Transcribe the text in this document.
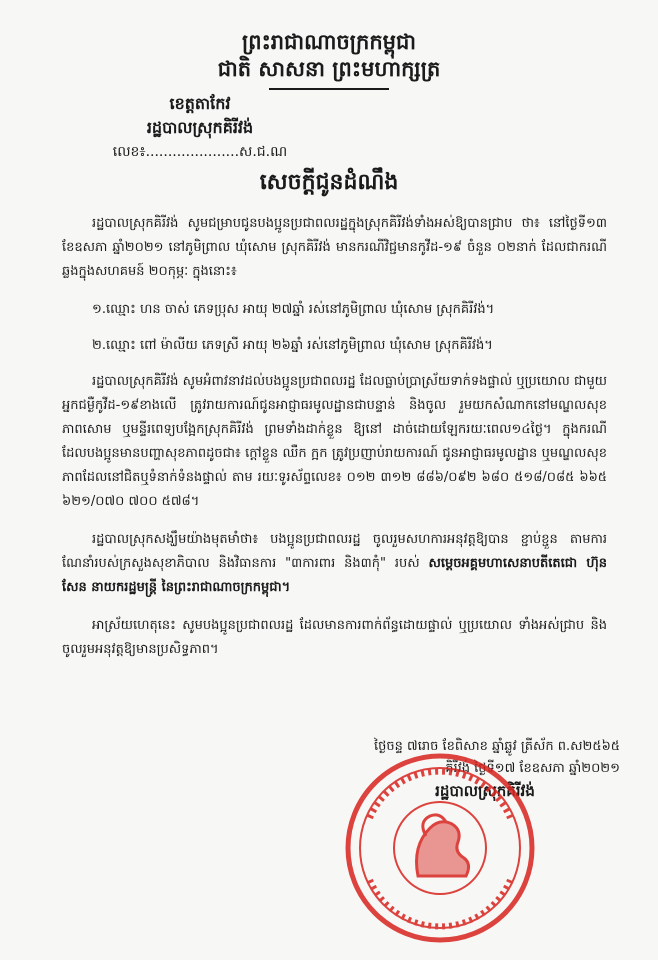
ព្រះរាជាណាចក្រកម្ពុជា
ជាតិ សាសនា ព្រះមហាក្សត្រ
ខេត្តតាកែវ
រដ្ឋបាលស្រុកគិរីវង់
លេខ៖.....................ស.ជ.ណ
សេចក្តីជូនដំណឹង

រដ្ឋបាលស្រុកគិរីវង់ សូមជម្រាបជូនបងប្អូនប្រជាពលរដ្ឋក្នុងស្រុកគិរីវង់ទាំងអស់ឱ្យបានជ្រាប ថា៖ នៅថ្ងៃទី១៣ ខែឧសភា ឆ្នាំ២០២១ នៅភូមិព្រាល ឃុំសោម ស្រុកគិរីវង់ មានករណីវិជ្ជមានកូវីដ-១៩ ចំនួន ០២នាក់ ដែលជាករណីឆ្លងក្នុងសហគមន៍ ២០កុម្ភៈ ក្នុងនោះ៖

១.ឈ្មោះ ហន ចាស់ ភេទប្រុស អាយុ ២៧ឆ្នាំ រស់នៅភូមិព្រាល ឃុំសោម ស្រុកគិរីវង់។

២.ឈ្មោះ ពៅ ម៉ាលីយ ភេទស្រី អាយុ ២៦ឆ្នាំ រស់នៅភូមិព្រាល ឃុំសោម ស្រុកគិរីវង់។

រដ្ឋបាលស្រុកគិរីវង់ សូមអំពាវនាវដល់បងប្អូនប្រជាពលរដ្ឋ ដែលធ្លាប់ប្រាស្រ័យទាក់ទងផ្ទាល់ ឬប្រយោល ជាមួយអ្នកជម្ងឺកូវីដ-១៩ខាងលើ ត្រូវរាយការណ៍ជូនអាជ្ញាធរមូលដ្ឋានជាបន្ទាន់ និងចូល រួមយកសំណាកនៅមណ្ឌលសុខភាពសោម ឬមន្ទីរពេទ្យបង្អែកស្រុកគិរីវង់ ព្រមទាំងដាក់ខ្លួន ឱ្យនៅ ដាច់ដោយឡែករយៈពេល១៤ថ្ងៃ។ ក្នុងករណីដែលបងប្អូនមានបញ្ហាសុខភាពដូចជា៖ ក្តៅខ្លួន ឈឺក ក្អក ត្រូវប្រញាប់រាយការណ៍ ជូនអាជ្ញាធរមូលដ្ឋាន ឬមណ្ឌលសុខភាពដែលនៅជិតឬទំនាក់ទំនងផ្ទាល់ តាម រយៈទូរស័ព្ទលេខ៖ ០១២ ៣១២ ៨៨៦/០៩២ ៦៨០ ៥១៨/០៨៥ ៦៦៥ ៦២១/០៧០ ៧០០ ៥៧៨។

រដ្ឋបាលស្រុកសង្ឃឹមយ៉ាងមុតមាំថា៖ បងប្អូនប្រជាពលរដ្ឋ ចូលរួមសហការអនុវត្តឱ្យបាន ខ្ជាប់ខ្ជួន តាមការណែនាំរបស់ក្រសួងសុខាភិបាល និងវិធានការ "៣ការពារ និង៣កុំ" របស់ សម្តេចអគ្គមហាសេនាបតីតេជោ ហ៊ុន សែន នាយករដ្ឋមន្ត្រី នៃព្រះរាជាណាចក្រកម្ពុជា។

អាស្រ័យហេតុនេះ សូមបងប្អូនប្រជាពលរដ្ឋ ដែលមានការពាក់ព័ន្ធដោយផ្ទាល់ ឬប្រយោល ទាំងអស់ជ្រាប និងចូលរួមអនុវត្តឱ្យមានប្រសិទ្ធភាព។

ថ្ងៃចន្ទ ៧រោច ខែពិសាខ ឆ្នាំឆ្លូវ ត្រីស័ក ព.ស២៥៦៥
គិរីវង់ ថ្ងៃទី១៧ ខែឧសភា ឆ្នាំ២០២១
រដ្ឋបាលស្រុកគិរីវង់
